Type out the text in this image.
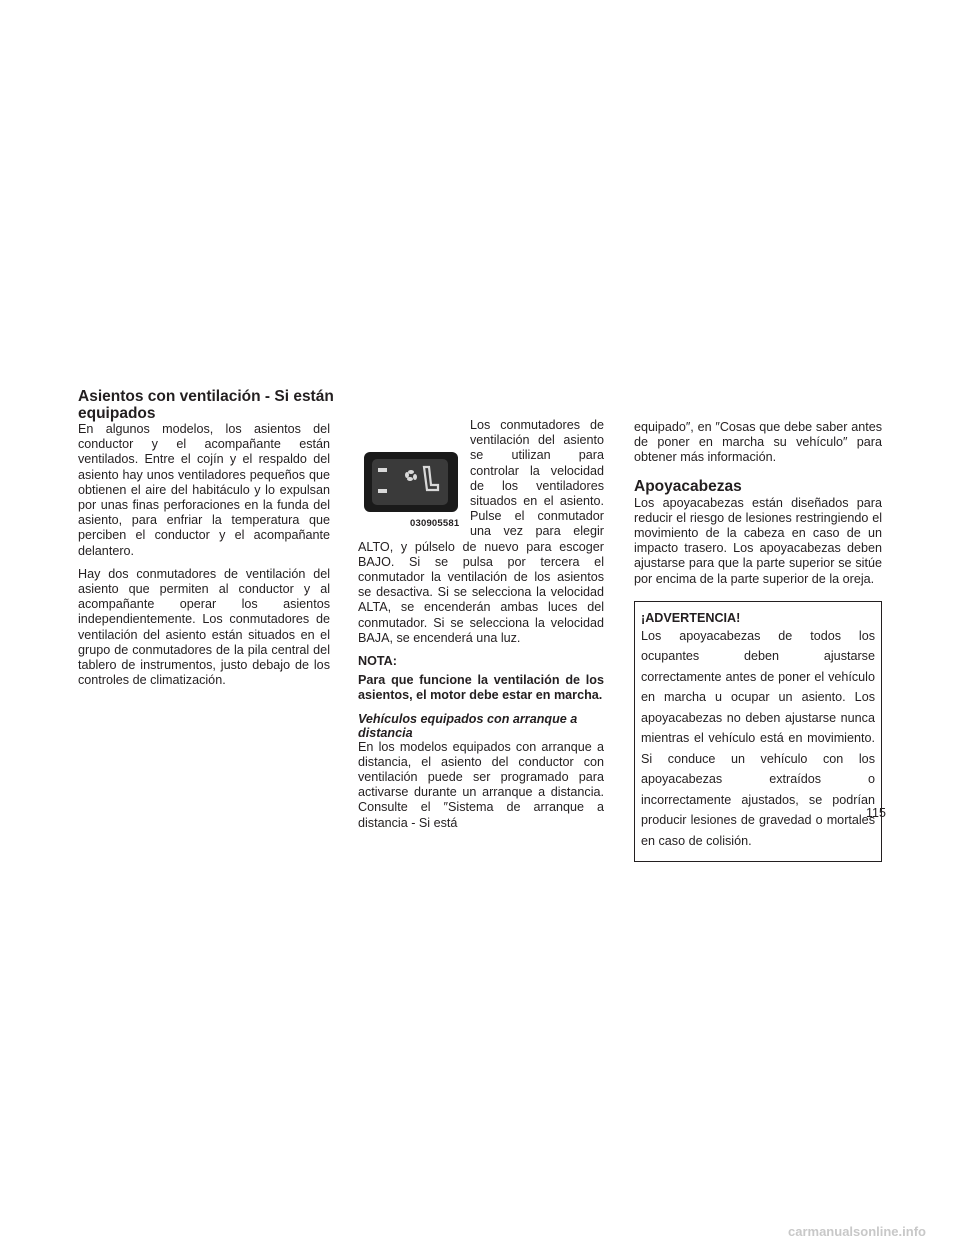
Asientos con ventilación - Si están equipados

En algunos modelos, los asientos del conductor y el acompañante están ventilados. Entre el cojín y el respaldo del asiento hay unos ventiladores pequeños que obtienen el aire del habitáculo y lo expulsan por unas finas perforaciones en la funda del asiento, para enfriar la temperatura que perciben el conductor y el acompañante delantero.

Hay dos conmutadores de ventilación del asiento que permiten al conductor y al acompañante operar los asientos independientemente. Los conmutadores de ventilación del asiento están situados en el grupo de conmutadores de la pila central del tablero de instrumentos, justo debajo de los controles de climatización.

030905581

Los conmutadores de ventilación del asiento se utilizan para controlar la velocidad de los ventiladores situados en el asiento. Pulse el conmutador una vez para elegir ALTO, y púlselo de nuevo para escoger BAJO. Si se pulsa por tercera el conmutador la ventilación de los asientos se desactiva. Si se selecciona la velocidad ALTA, se encenderán ambas luces del conmutador. Si se selecciona la velocidad BAJA, se encenderá una luz.

NOTA:

Para que funcione la ventilación de los asientos, el motor debe estar en marcha.

Vehículos equipados con arranque a distancia

En los modelos equipados con arranque a distancia, el asiento del conductor con ventilación puede ser programado para activarse durante un arranque a distancia. Consulte el ″Sistema de arranque a distancia - Si está

equipado″, en ″Cosas que debe saber antes de poner en marcha su vehículo″ para obtener más información.

Apoyacabezas

Los apoyacabezas están diseñados para reducir el riesgo de lesiones restringiendo el movimiento de la cabeza en caso de un impacto trasero. Los apoyacabezas deben ajustarse para que la parte superior se sitúe por encima de la parte superior de la oreja.

¡ADVERTENCIA!
Los apoyacabezas de todos los ocupantes deben ajustarse correctamente antes de poner el vehículo en marcha u ocupar un asiento. Los apoyacabezas no deben ajustarse nunca mientras el vehículo está en movimiento. Si conduce un vehículo con los apoyacabezas extraídos o incorrectamente ajustados, se podrían producir lesiones de gravedad o mortales en caso de colisión.
115
carmanualsonline.info
